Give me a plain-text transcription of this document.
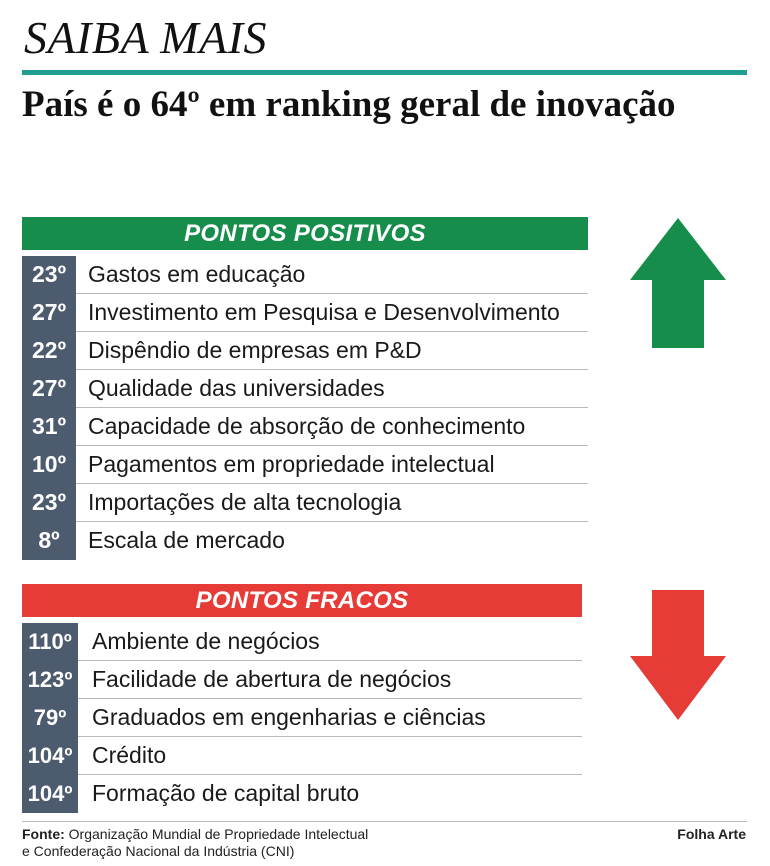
SAIBA MAIS
País é o 64º em ranking geral de inovação
PONTOS POSITIVOS
23º Gastos em educação
27º Investimento em Pesquisa e Desenvolvimento
22º Dispêndio de empresas em P&D
27º Qualidade das universidades
31º Capacidade de absorção de conhecimento
10º Pagamentos em propriedade intelectual
23º Importações de alta tecnologia
8º	Escala de mercado
PONTOS FRACOS
110º Ambiente de negócios
123º Facilidade de abertura de negócios
79º	Graduados em engenharias e ciências
104º Crédito
104º Formação de capital bruto
Fonte: Organização Mundial de Propriedade Intelectual
e Confederação Nacional da Indústria (CNI)
Folha Arte
